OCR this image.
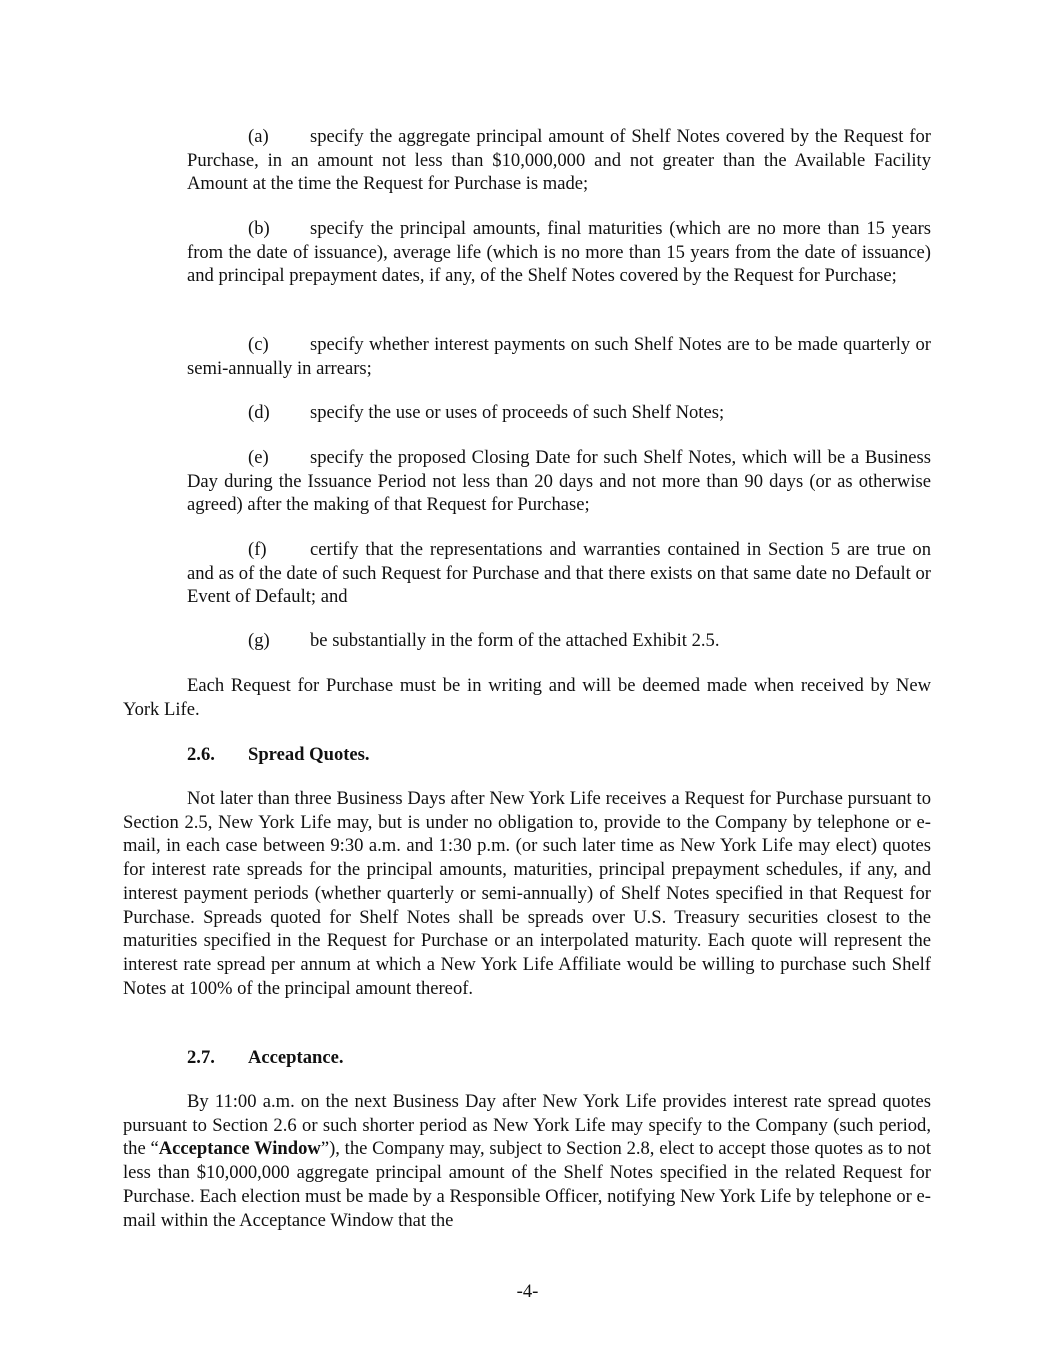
(a) specify the aggregate principal amount of Shelf Notes covered by the Request for Purchase, in an amount not less than $10,000,000 and not greater than the Available Facility Amount at the time the Request for Purchase is made;

(b) specify the principal amounts, final maturities (which are no more than 15 years from the date of issuance), average life (which is no more than 15 years from the date of issuance) and principal prepayment dates, if any, of the Shelf Notes covered by the Request for Purchase;

(c) specify whether interest payments on such Shelf Notes are to be made quarterly or semi-annually in arrears;

(d) specify the use or uses of proceeds of such Shelf Notes;

(e) specify the proposed Closing Date for such Shelf Notes, which will be a Business Day during the Issuance Period not less than 20 days and not more than 90 days (or as otherwise agreed) after the making of that Request for Purchase;

(f) certify that the representations and warranties contained in Section 5 are true on and as of the date of such Request for Purchase and that there exists on that same date no Default or Event of Default; and

(g) be substantially in the form of the attached Exhibit 2.5.

Each Request for Purchase must be in writing and will be deemed made when received by New York Life.

2.6. Spread Quotes.

Not later than three Business Days after New York Life receives a Request for Purchase pursuant to Section 2.5, New York Life may, but is under no obligation to, provide to the Company by telephone or e-mail, in each case between 9:30 a.m. and 1:30 p.m. (or such later time as New York Life may elect) quotes for interest rate spreads for the principal amounts, maturities, principal prepayment schedules, if any, and interest payment periods (whether quarterly or semi-annually) of Shelf Notes specified in that Request for Purchase. Spreads quoted for Shelf Notes shall be spreads over U.S. Treasury securities closest to the maturities specified in the Request for Purchase or an interpolated maturity. Each quote will represent the interest rate spread per annum at which a New York Life Affiliate would be willing to purchase such Shelf Notes at 100% of the principal amount thereof.

2.7. Acceptance.

By 11:00 a.m. on the next Business Day after New York Life provides interest rate spread quotes pursuant to Section 2.6 or such shorter period as New York Life may specify to the Company (such period, the “Acceptance Window”), the Company may, subject to Section 2.8, elect to accept those quotes as to not less than $10,000,000 aggregate principal amount of the Shelf Notes specified in the related Request for Purchase. Each election must be made by a Responsible Officer, notifying New York Life by telephone or e-mail within the Acceptance Window that the

-4-
